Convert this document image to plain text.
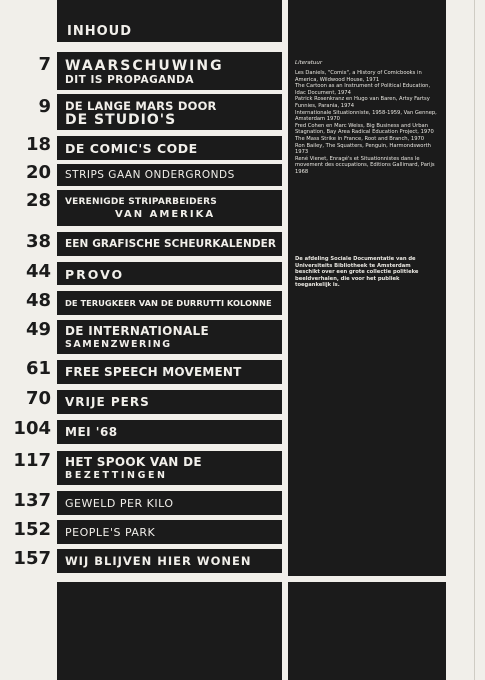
INHOUD
7 WAARSCHUWING
DIT IS PROPAGANDA
9 DE LANGE MARS DOOR
DE STUDIO'S
18 DE COMIC'S CODE
20 STRIPS GAAN ONDERGRONDS
28 VERENIGDE STRIPARBEIDERS
VAN AMERIKA
38 EEN GRAFISCHE SCHEURKALENDER
44 PROVO
48 DE TERUGKEER VAN DE DURRUTTI KOLONNE
49 DE INTERNATIONALE
SAMENZWERING
61 FREE SPEECH MOVEMENT
70 VRIJE PERS
104 MEI '68
117 HET SPOOK VAN DE
BEZETTINGEN
137 GEWELD PER KILO
152 PEOPLE'S PARK
157 WIJ BLIJVEN HIER WONEN
Literatuur

Les Daniels, "Comix", a History of Comicbooks in America, Wildwood House, 1971

The Cartoon as an Instrument of Political Education, Idac Document, 1974

Patrick Rosenkranz en Hugo van Baren, Artsy Fartsy Funnies, Parania, 1974

Internationale Situationniste, 1958-1959, Van Gennep, Amsterdam 1970

Fred Cohen en Marc Weiss, Big Business and Urban Stagnation, Bay Area Radical Education Project, 1970

The Mass Strike in France, Root and Branch, 1970

Ron Bailey, The Squatters, Penguin, Harmondsworth 1973

René Vienet, Enragé's et Situationnistes dans le movement des occupations, Editions Gallimard, Parijs 1968

De afdeling Sociale Documentatie van de Universiteits Bibliotheek te Amsterdam beschikt over een grote collectie politieke beeldverhalen, die voor het publiek toegankelijk is.
